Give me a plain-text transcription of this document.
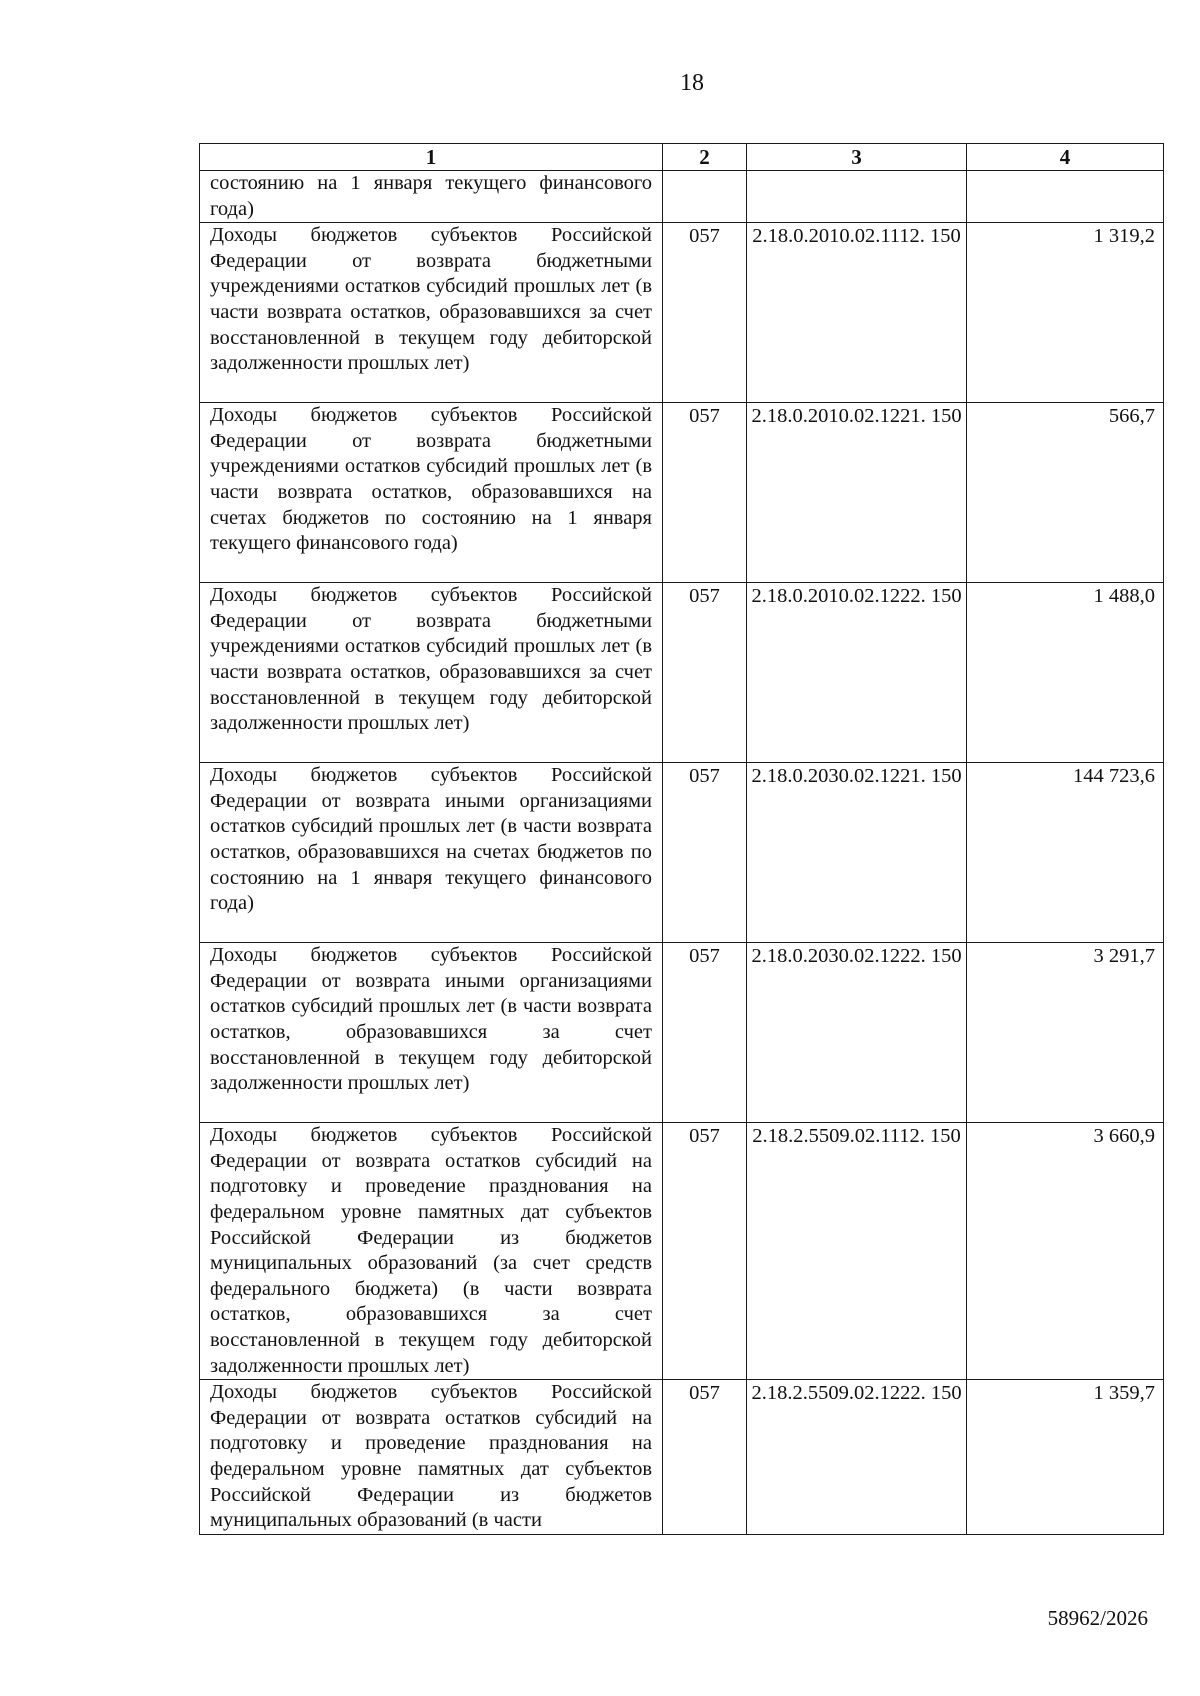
18
1	2	3	4
состоянию на 1 января текущего финансового года)	

Доходы бюджетов субъектов Российской Федерации от возврата бюджетными учреждениями остатков субсидий прошлых лет (в части возврата остатков, образовавшихся за счет восстановленной в текущем году дебиторской задолженности прошлых лет)	057	2.18.0.2010.02.1112. 150	1 319,2

Доходы бюджетов субъектов Российской Федерации от возврата бюджетными учреждениями остатков субсидий прошлых лет (в части возврата остатков, образовавшихся на счетах бюджетов по состоянию на 1 января текущего финансового года)	057	2.18.0.2010.02.1221. 150	566,7

Доходы бюджетов субъектов Российской Федерации от возврата бюджетными учреждениями остатков субсидий прошлых лет (в части возврата остатков, образовавшихся за счет восстановленной в текущем году дебиторской задолженности прошлых лет)	057	2.18.0.2010.02.1222. 150	1 488,0

Доходы бюджетов субъектов Российской Федерации от возврата иными организациями остатков субсидий прошлых лет (в части возврата остатков, образовавшихся на счетах бюджетов по состоянию на 1 января текущего финансового года)	057	2.18.0.2030.02.1221. 150	144 723,6

Доходы бюджетов субъектов Российской Федерации от возврата иными организациями остатков субсидий прошлых лет (в части возврата остатков, образовавшихся за счет восстановленной в текущем году дебиторской задолженности прошлых лет)	057	2.18.0.2030.02.1222. 150	3 291,7

Доходы бюджетов субъектов Российской Федерации от возврата остатков субсидий на подготовку и проведение празднования на федеральном уровне памятных дат субъектов Российской Федерации из бюджетов муниципальных образований (за счет средств федерального бюджета) (в части возврата остатков, образовавшихся за счет восстановленной в текущем году дебиторской задолженности прошлых лет)	057	2.18.2.5509.02.1112. 150	3 660,9

Доходы бюджетов субъектов Российской Федерации от возврата остатков субсидий на подготовку и проведение празднования на федеральном уровне памятных дат субъектов Российской Федерации из бюджетов муниципальных образований (в части	057	2.18.2.5509.02.1222. 150	1 359,7
58962/2026
